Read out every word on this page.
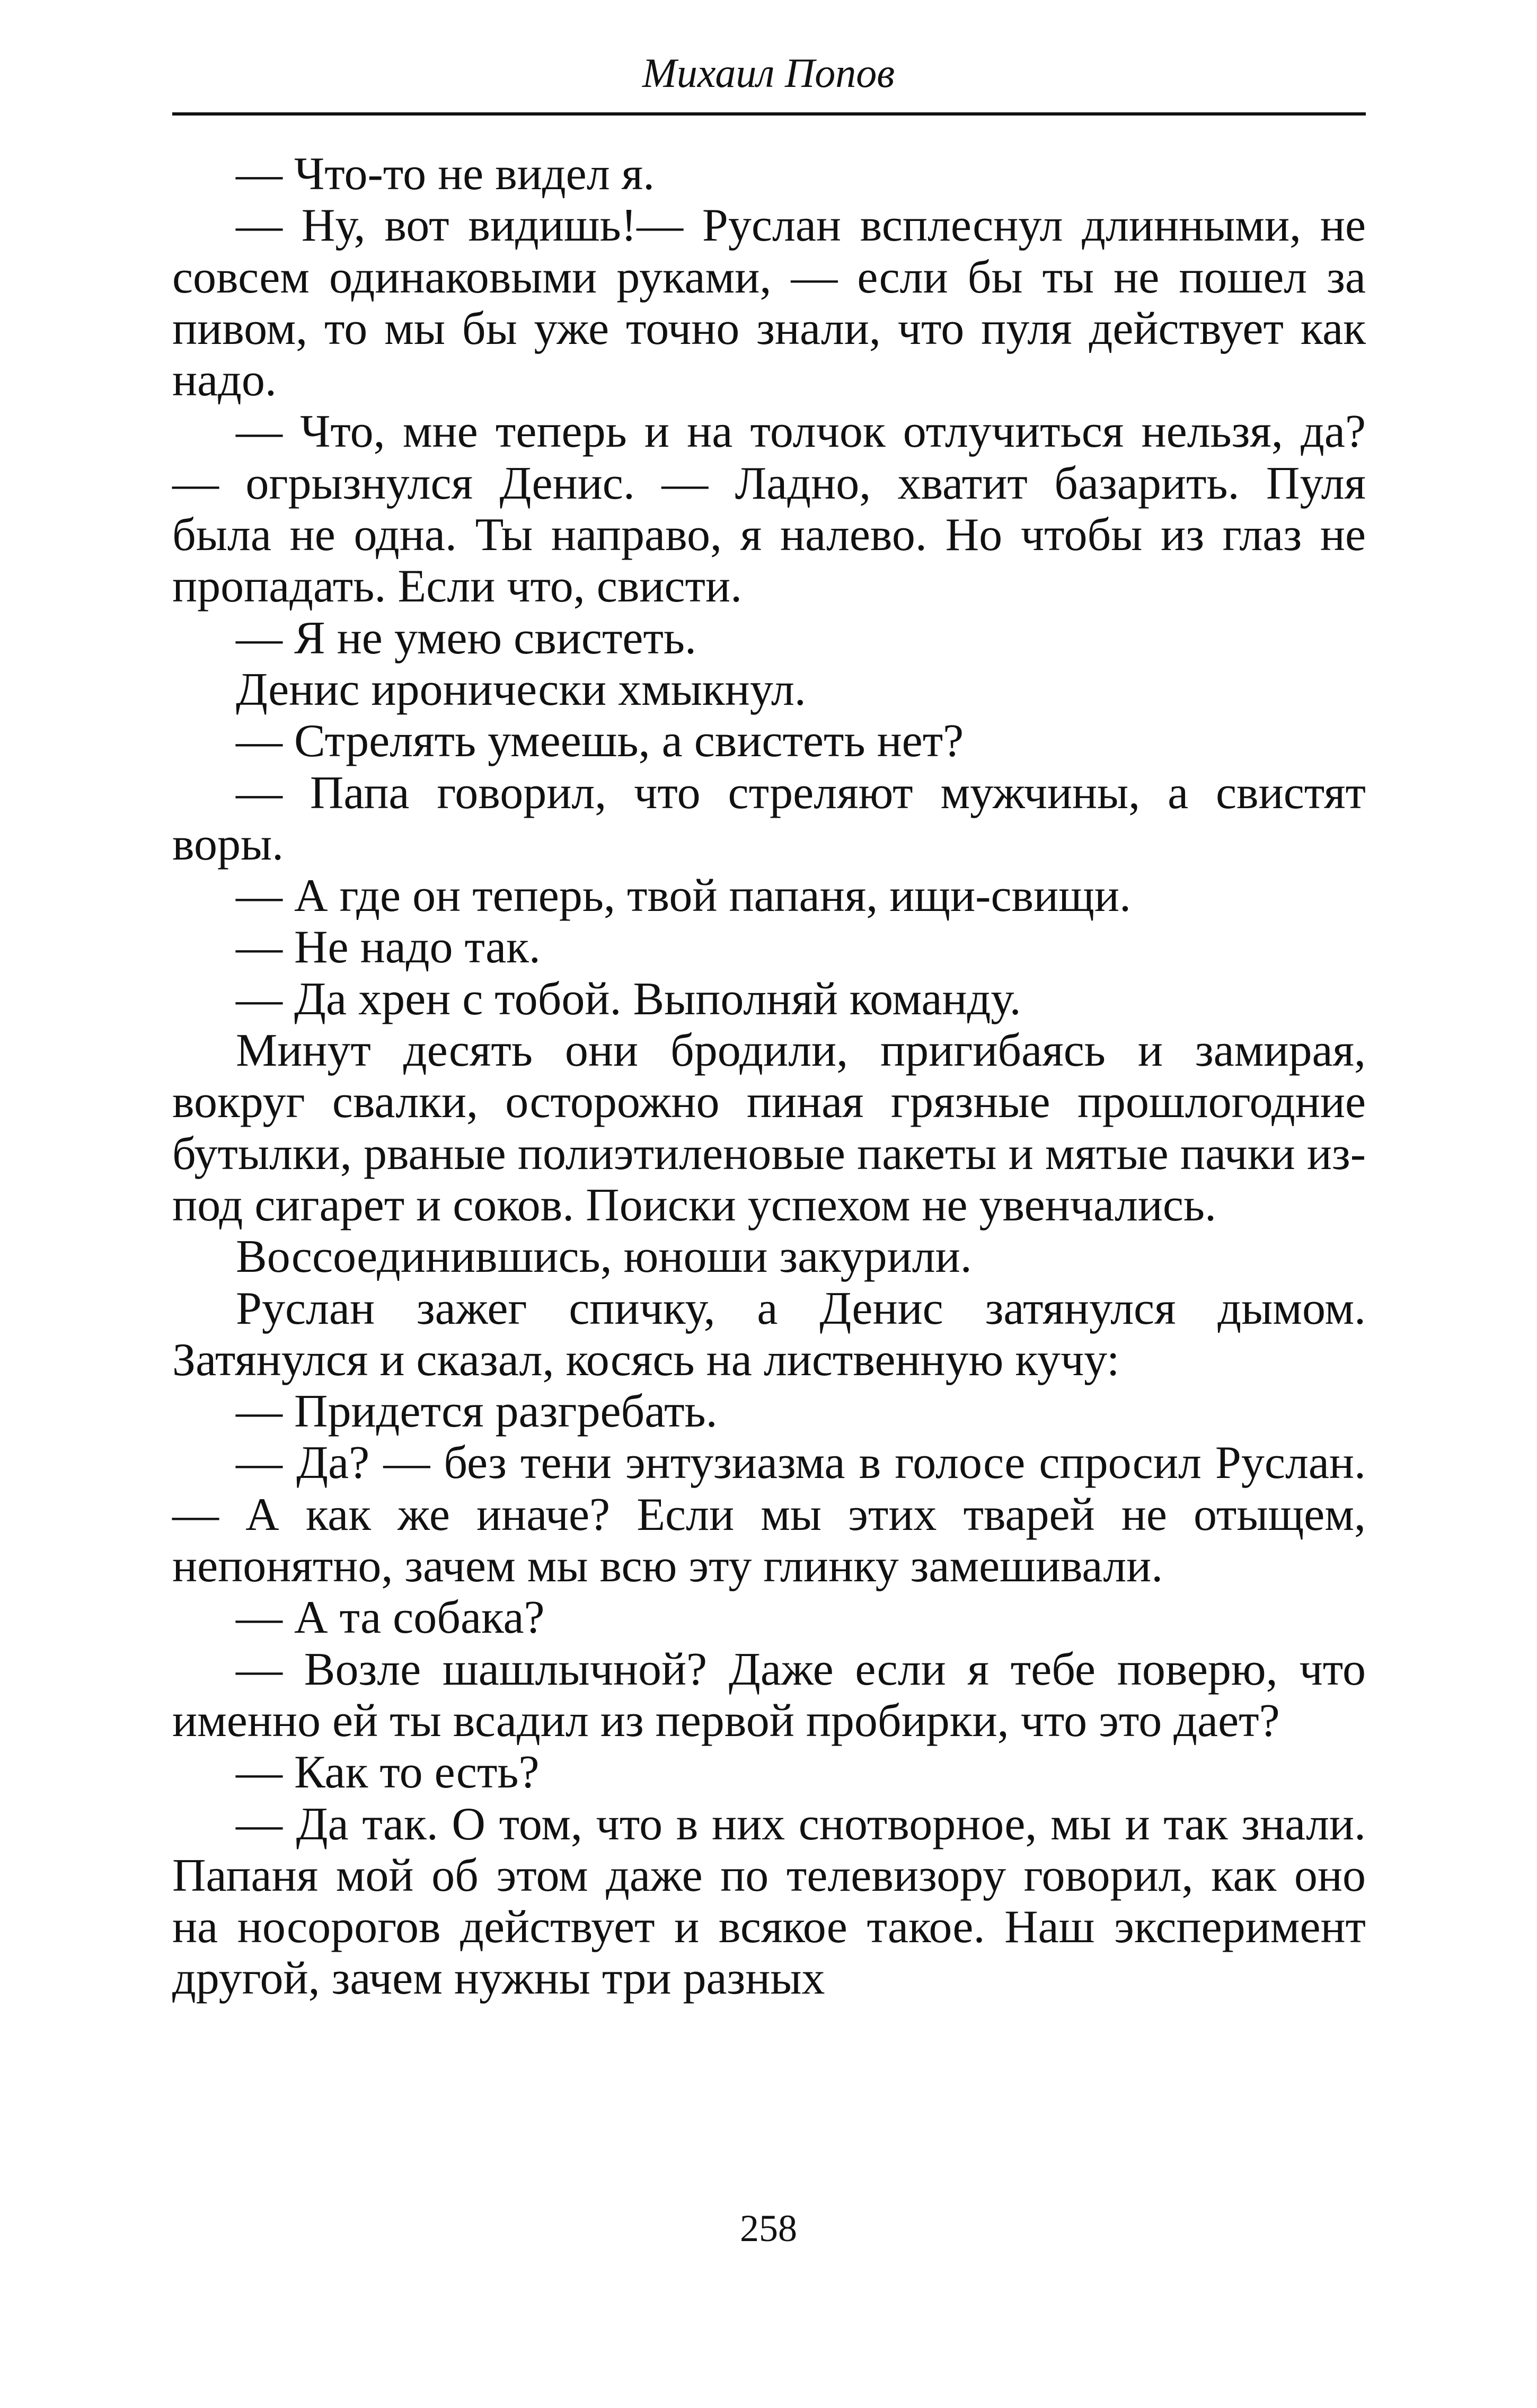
Михаил Попов

— Что-то не видел я.

— Ну, вот видишь!— Руслан всплеснул длинными, не совсем одинаковыми руками, — если бы ты не пошел за пивом, то мы бы уже точно знали, что пуля действует как надо.

— Что, мне теперь и на толчок отлучиться нельзя, да? — огрызнулся Денис. — Ладно, хватит базарить. Пуля была не одна. Ты направо, я налево. Но чтобы из глаз не пропадать. Если что, свисти.

— Я не умею свистеть.

Денис иронически хмыкнул.

— Стрелять умеешь, а свистеть нет?

— Папа говорил, что стреляют мужчины, а свистят воры.

— А где он теперь, твой папаня, ищи-свищи.

— Не надо так.

— Да хрен с тобой. Выполняй команду.

Минут десять они бродили, пригибаясь и замирая, вокруг свалки, осторожно пиная грязные прошлогодние бутылки, рваные полиэтиленовые пакеты и мятые пачки из-под сигарет и соков. Поиски успехом не увенчались.

Воссоединившись, юноши закурили.

Руслан зажег спичку, а Денис затянулся дымом. Затянулся и сказал, косясь на лиственную кучу:

— Придется разгребать.

— Да? — без тени энтузиазма в голосе спросил Руслан. — А как же иначе? Если мы этих тварей не отыщем, непонятно, зачем мы всю эту глинку замешивали.

— А та собака?

— Возле шашлычной? Даже если я тебе поверю, что именно ей ты всадил из первой пробирки, что это дает?

— Как то есть?

— Да так. О том, что в них снотворное, мы и так знали. Папаня мой об этом даже по телевизору говорил, как оно на носорогов действует и всякое такое. Наш эксперимент другой, зачем нужны три разных

258
